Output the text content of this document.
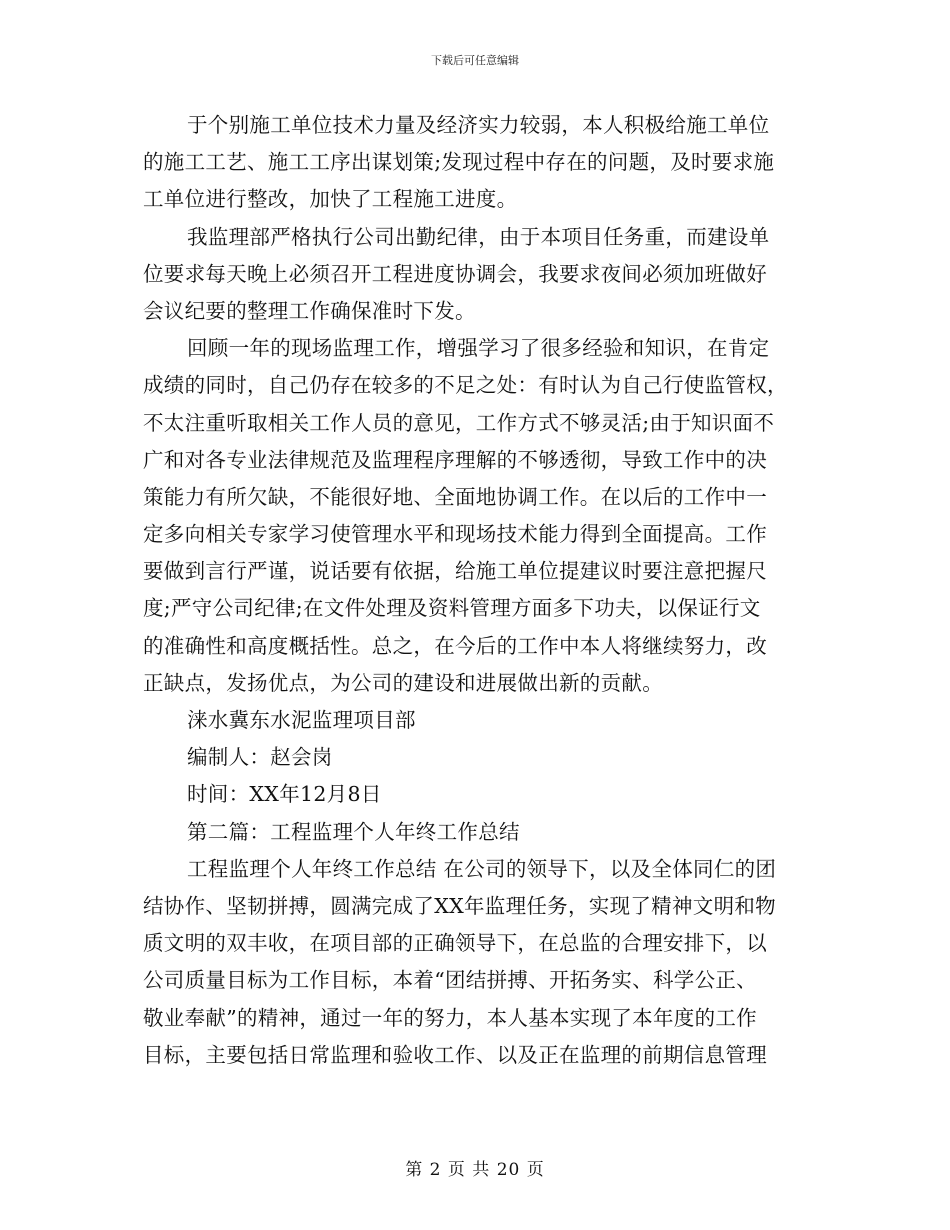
下载后可任意编辑
于个别施工单位技术力量及经济实力较弱，本人积极给施工单位
的施工工艺、施工工序出谋划策;发现过程中存在的问题，及时要求施
工单位进行整改，加快了工程施工进度。
我监理部严格执行公司出勤纪律，由于本项目任务重，而建设单
位要求每天晚上必须召开工程进度协调会，我要求夜间必须加班做好
会议纪要的整理工作确保准时下发。
回顾一年的现场监理工作，增强学习了很多经验和知识，在肯定
成绩的同时，自己仍存在较多的不足之处：有时认为自己行使监管权，
不太注重听取相关工作人员的意见，工作方式不够灵活;由于知识面不
广和对各专业法律规范及监理程序理解的不够透彻，导致工作中的决
策能力有所欠缺，不能很好地、全面地协调工作。在以后的工作中一
定多向相关专家学习使管理水平和现场技术能力得到全面提高。工作
要做到言行严谨，说话要有依据，给施工单位提建议时要注意把握尺
度;严守公司纪律;在文件处理及资料管理方面多下功夫，以保证行文
的准确性和高度概括性。总之，在今后的工作中本人将继续努力，改
正缺点，发扬优点，为公司的建设和进展做出新的贡献。
涞水冀东水泥监理项目部
编制人：赵会岗
时间：XX年12月8日
第二篇：工程监理个人年终工作总结
工程监理个人年终工作总结 在公司的领导下，以及全体同仁的团
结协作、坚韧拼搏，圆满完成了XX年监理任务，实现了精神文明和物
质文明的双丰收，在项目部的正确领导下，在总监的合理安排下，以
公司质量目标为工作目标，本着“团结拼搏、开拓务实、科学公正、
敬业奉献”的精神，通过一年的努力，本人基本实现了本年度的工作
目标，主要包括日常监理和验收工作、以及正在监理的前期信息管理
第 2 页 共 20 页
